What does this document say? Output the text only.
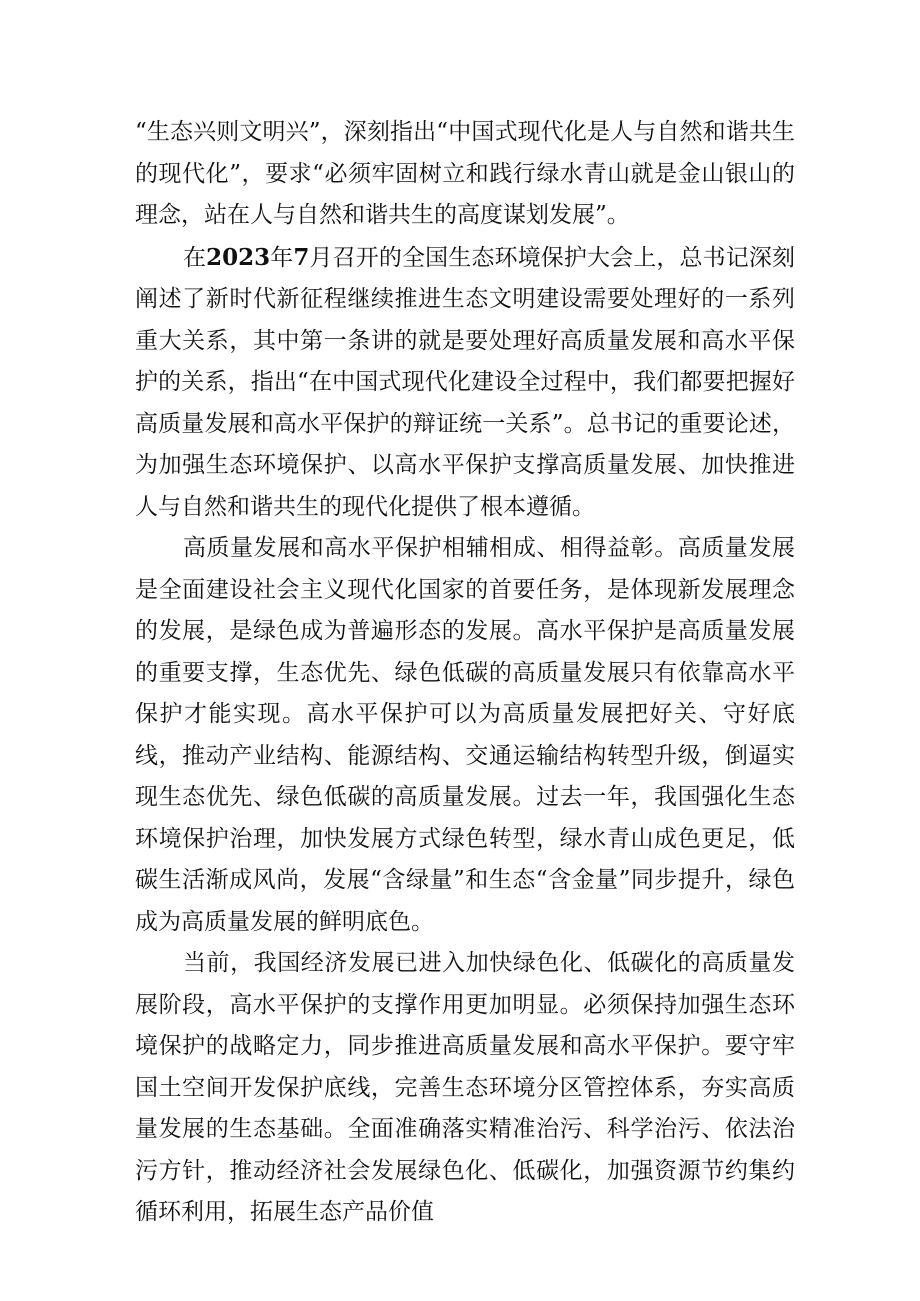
“生态兴则文明兴”，深刻指出“中国式现代化是人与自然和谐共生的现代化”，要求“必须牢固树立和践行绿水青山就是金山银山的理念，站在人与自然和谐共生的高度谋划发展”。

在2023年7月召开的全国生态环境保护大会上，总书记深刻阐述了新时代新征程继续推进生态文明建设需要处理好的一系列重大关系，其中第一条讲的就是要处理好高质量发展和高水平保护的关系，指出“在中国式现代化建设全过程中，我们都要把握好高质量发展和高水平保护的辩证统一关系”。总书记的重要论述，为加强生态环境保护、以高水平保护支撑高质量发展、加快推进人与自然和谐共生的现代化提供了根本遵循。

高质量发展和高水平保护相辅相成、相得益彰。高质量发展是全面建设社会主义现代化国家的首要任务，是体现新发展理念的发展，是绿色成为普遍形态的发展。高水平保护是高质量发展的重要支撑，生态优先、绿色低碳的高质量发展只有依靠高水平保护才能实现。高水平保护可以为高质量发展把好关、守好底线，推动产业结构、能源结构、交通运输结构转型升级，倒逼实现生态优先、绿色低碳的高质量发展。过去一年，我国强化生态环境保护治理，加快发展方式绿色转型，绿水青山成色更足，低碳生活渐成风尚，发展“含绿量”和生态“含金量”同步提升，绿色成为高质量发展的鲜明底色。

当前，我国经济发展已进入加快绿色化、低碳化的高质量发展阶段，高水平保护的支撑作用更加明显。必须保持加强生态环境保护的战略定力，同步推进高质量发展和高水平保护。要守牢国土空间开发保护底线，完善生态环境分区管控体系，夯实高质量发展的生态基础。全面准确落实精准治污、科学治污、依法治污方针，推动经济社会发展绿色化、低碳化，加强资源节约集约循环利用，拓展生态产品价值
